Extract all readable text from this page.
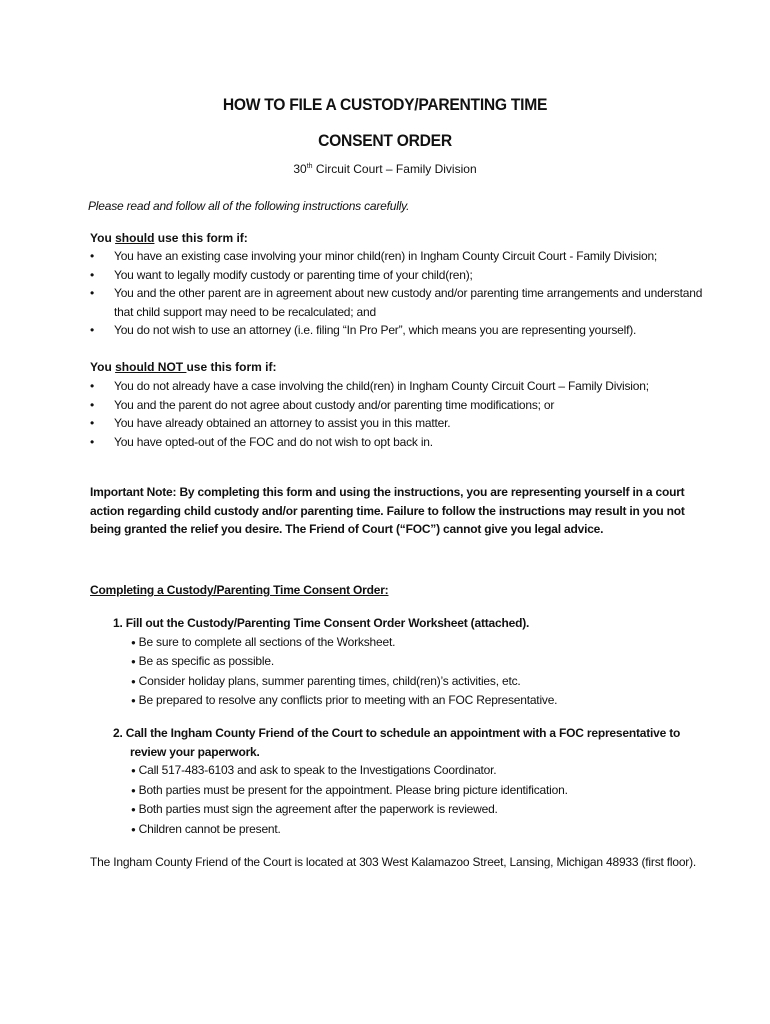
HOW TO FILE A CUSTODY/PARENTING TIME
CONSENT ORDER
30th Circuit Court – Family Division
Please read and follow all of the following instructions carefully.
You should use this form if:
• You have an existing case involving your minor child(ren) in Ingham County Circuit Court - Family Division;
• You want to legally modify custody or parenting time of your child(ren);
• You and the other parent are in agreement about new custody and/or parenting time arrangements and understand that child support may need to be recalculated; and
• You do not wish to use an attorney (i.e. filing “In Pro Per”, which means you are representing yourself).
You should NOT use this form if:
• You do not already have a case involving the child(ren) in Ingham County Circuit Court – Family Division;
• You and the parent do not agree about custody and/or parenting time modifications; or
• You have already obtained an attorney to assist you in this matter.
• You have opted-out of the FOC and do not wish to opt back in.
Important Note: By completing this form and using the instructions, you are representing yourself in a court action regarding child custody and/or parenting time. Failure to follow the instructions may result in you not being granted the relief you desire. The Friend of Court (“FOC”) cannot give you legal advice.
Completing a Custody/Parenting Time Consent Order:
1. Fill out the Custody/Parenting Time Consent Order Worksheet (attached).
● Be sure to complete all sections of the Worksheet.
● Be as specific as possible.
● Consider holiday plans, summer parenting times, child(ren)’s activities, etc.
● Be prepared to resolve any conflicts prior to meeting with an FOC Representative.
2. Call the Ingham County Friend of the Court to schedule an appointment with a FOC representative to review your paperwork.
● Call 517-483-6103 and ask to speak to the Investigations Coordinator.
● Both parties must be present for the appointment. Please bring picture identification.
● Both parties must sign the agreement after the paperwork is reviewed.
● Children cannot be present.
The Ingham County Friend of the Court is located at 303 West Kalamazoo Street, Lansing, Michigan 48933 (first floor).
